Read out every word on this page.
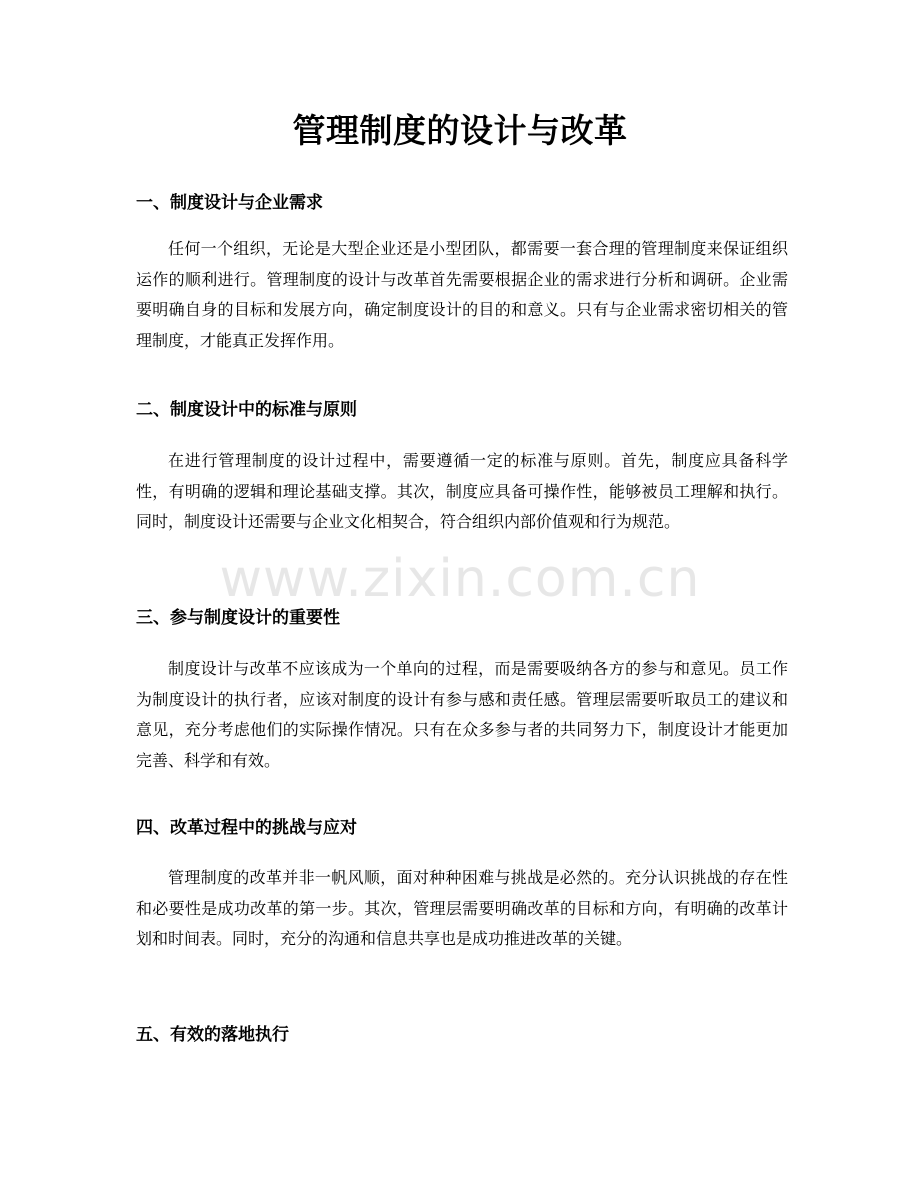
管理制度的设计与改革
一、制度设计与企业需求
任何一个组织，无论是大型企业还是小型团队，都需要一套合理的管理制度来保证组织运作的顺利进行。管理制度的设计与改革首先需要根据企业的需求进行分析和调研。企业需要明确自身的目标和发展方向，确定制度设计的目的和意义。只有与企业需求密切相关的管理制度，才能真正发挥作用。
二、制度设计中的标准与原则
在进行管理制度的设计过程中，需要遵循一定的标准与原则。首先，制度应具备科学性，有明确的逻辑和理论基础支撑。其次，制度应具备可操作性，能够被员工理解和执行。同时，制度设计还需要与企业文化相契合，符合组织内部价值观和行为规范。
三、参与制度设计的重要性
制度设计与改革不应该成为一个单向的过程，而是需要吸纳各方的参与和意见。员工作为制度设计的执行者，应该对制度的设计有参与感和责任感。管理层需要听取员工的建议和意见，充分考虑他们的实际操作情况。只有在众多参与者的共同努力下，制度设计才能更加完善、科学和有效。
四、改革过程中的挑战与应对
管理制度的改革并非一帆风顺，面对种种困难与挑战是必然的。充分认识挑战的存在性和必要性是成功改革的第一步。其次，管理层需要明确改革的目标和方向，有明确的改革计划和时间表。同时，充分的沟通和信息共享也是成功推进改革的关键。
五、有效的落地执行
www.zixin.com.cn
